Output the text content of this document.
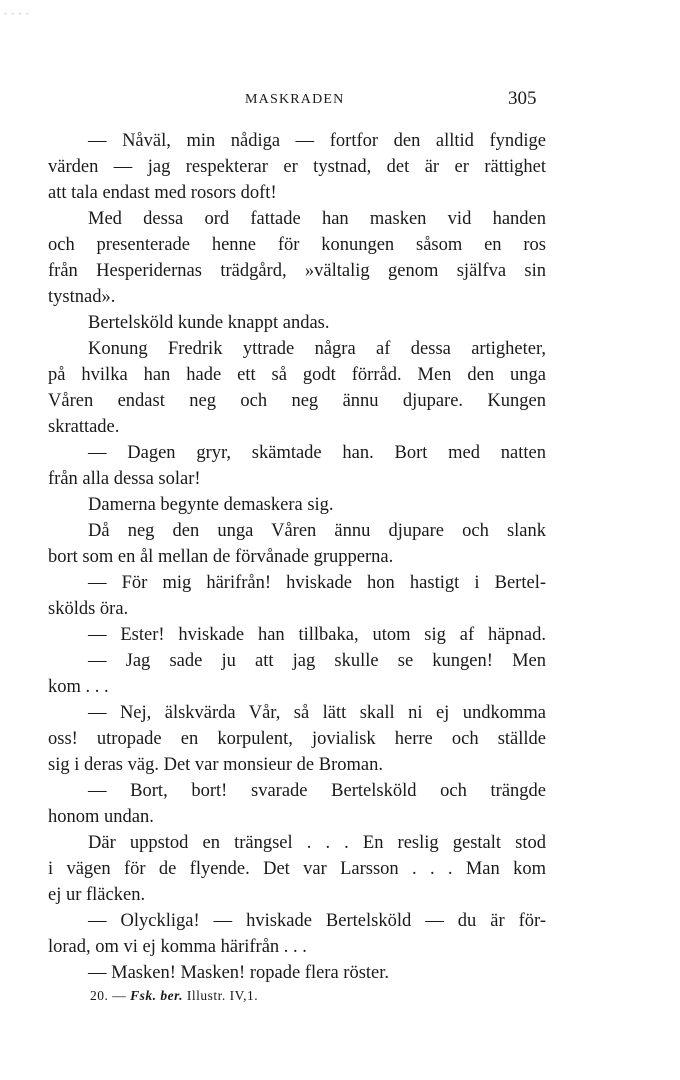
- - - -
MASKRADEN	305
— Nåväl, min nådiga — fortfor den alltid fyndige
värden — jag respekterar er tystnad, det är er rättighet
att tala endast med rosors doft!
Med dessa ord fattade han masken vid handen
och presenterade henne för konungen såsom en ros
från Hesperidernas trädgård, »vältalig genom själfva sin
tystnad».
Bertelsköld kunde knappt andas.
Konung Fredrik yttrade några af dessa artigheter,
på hvilka han hade ett så godt förråd. Men den unga
Våren endast neg och neg ännu djupare. Kungen
skrattade.
— Dagen gryr, skämtade han. Bort med natten
från alla dessa solar!
Damerna begynte demaskera sig.
Då neg den unga Våren ännu djupare och slank
bort som en ål mellan de förvånade grupperna.
— För mig härifrån! hviskade hon hastigt i Bertel-
skölds öra.
— Ester! hviskade han tillbaka, utom sig af häpnad.
— Jag sade ju att jag skulle se kungen! Men
kom . . .
— Nej, älskvärda Vår, så lätt skall ni ej undkomma
oss! utropade en korpulent, jovialisk herre och ställde
sig i deras väg. Det var monsieur de Broman.
— Bort, bort! svarade Bertelsköld och trängde
honom undan.
Där uppstod en trängsel . . . En reslig gestalt stod
i vägen för de flyende. Det var Larsson . . . Man kom
ej ur fläcken.
— Olyckliga! — hviskade Bertelsköld — du är för-
lorad, om vi ej komma härifrån . . .
— Masken! Masken! ropade flera röster.
20. — Fsk. ber. Illustr. IV,1.
